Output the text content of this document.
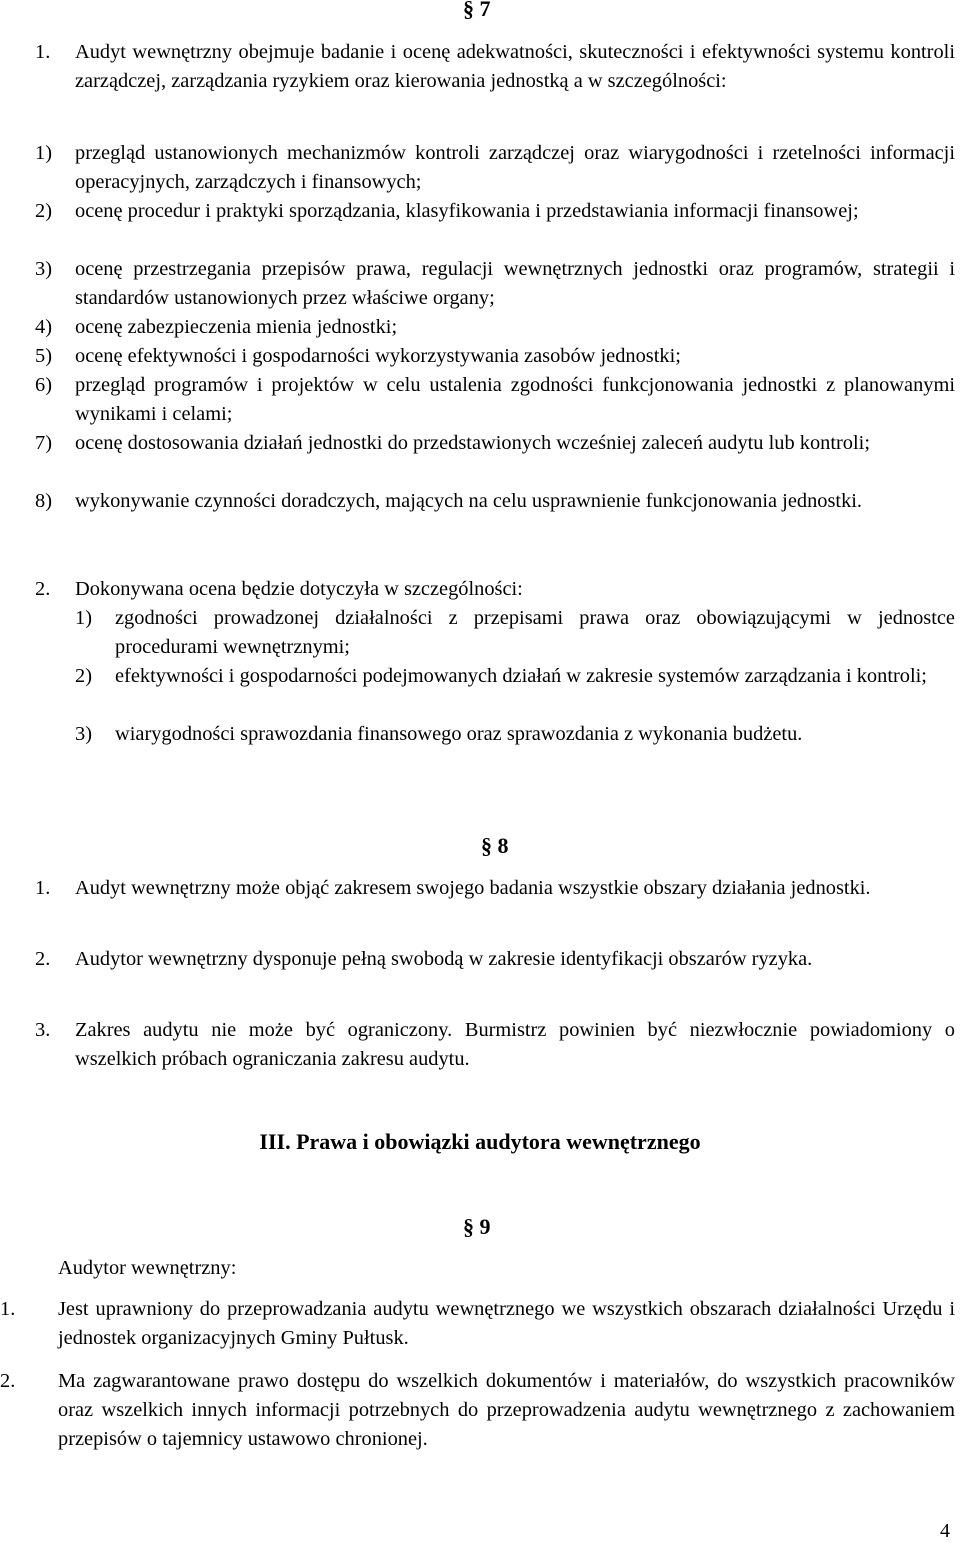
§ 7
1. Audyt wewnętrzny obejmuje badanie i ocenę adekwatności, skuteczności i efektywności systemu kontroli zarządczej, zarządzania ryzykiem oraz kierowania jednostką a w szczególności:
1) przegląd ustanowionych mechanizmów kontroli zarządczej oraz wiarygodności i rzetelności informacji operacyjnych, zarządczych i finansowych;
2) ocenę procedur i praktyki sporządzania, klasyfikowania i przedstawiania informacji finansowej;
3) ocenę przestrzegania przepisów prawa, regulacji wewnętrznych jednostki oraz programów, strategii i standardów ustanowionych przez właściwe organy;
4) ocenę zabezpieczenia mienia jednostki;
5) ocenę efektywności i gospodarności wykorzystywania zasobów jednostki;
6) przegląd programów i projektów w celu ustalenia zgodności funkcjonowania jednostki z planowanymi wynikami i celami;
7) ocenę dostosowania działań jednostki do przedstawionych wcześniej zaleceń audytu lub kontroli;
8) wykonywanie czynności doradczych, mających na celu usprawnienie funkcjonowania jednostki.
2. Dokonywana ocena będzie dotyczyła w szczególności:
1) zgodności prowadzonej działalności z przepisami prawa oraz obowiązującymi w jednostce procedurami wewnętrznymi;
2) efektywności i gospodarności podejmowanych działań w zakresie systemów zarządzania i kontroli;
3) wiarygodności sprawozdania finansowego oraz sprawozdania z wykonania budżetu.
§ 8
1. Audyt wewnętrzny może objąć zakresem swojego badania wszystkie obszary działania jednostki.
2. Audytor wewnętrzny dysponuje pełną swobodą w zakresie identyfikacji obszarów ryzyka.
3. Zakres audytu nie może być ograniczony. Burmistrz powinien być niezwłocznie powiadomiony o wszelkich próbach ograniczania zakresu audytu.
III. Prawa i obowiązki audytora wewnętrznego
§ 9
Audytor wewnętrzny:
1. Jest uprawniony do przeprowadzania audytu wewnętrznego we wszystkich obszarach działalności Urzędu i jednostek organizacyjnych Gminy Pułtusk.
2. Ma zagwarantowane prawo dostępu do wszelkich dokumentów i materiałów, do wszystkich pracowników oraz wszelkich innych informacji potrzebnych do przeprowadzenia audytu wewnętrznego z zachowaniem przepisów o tajemnicy ustawowo chronionej.
4
